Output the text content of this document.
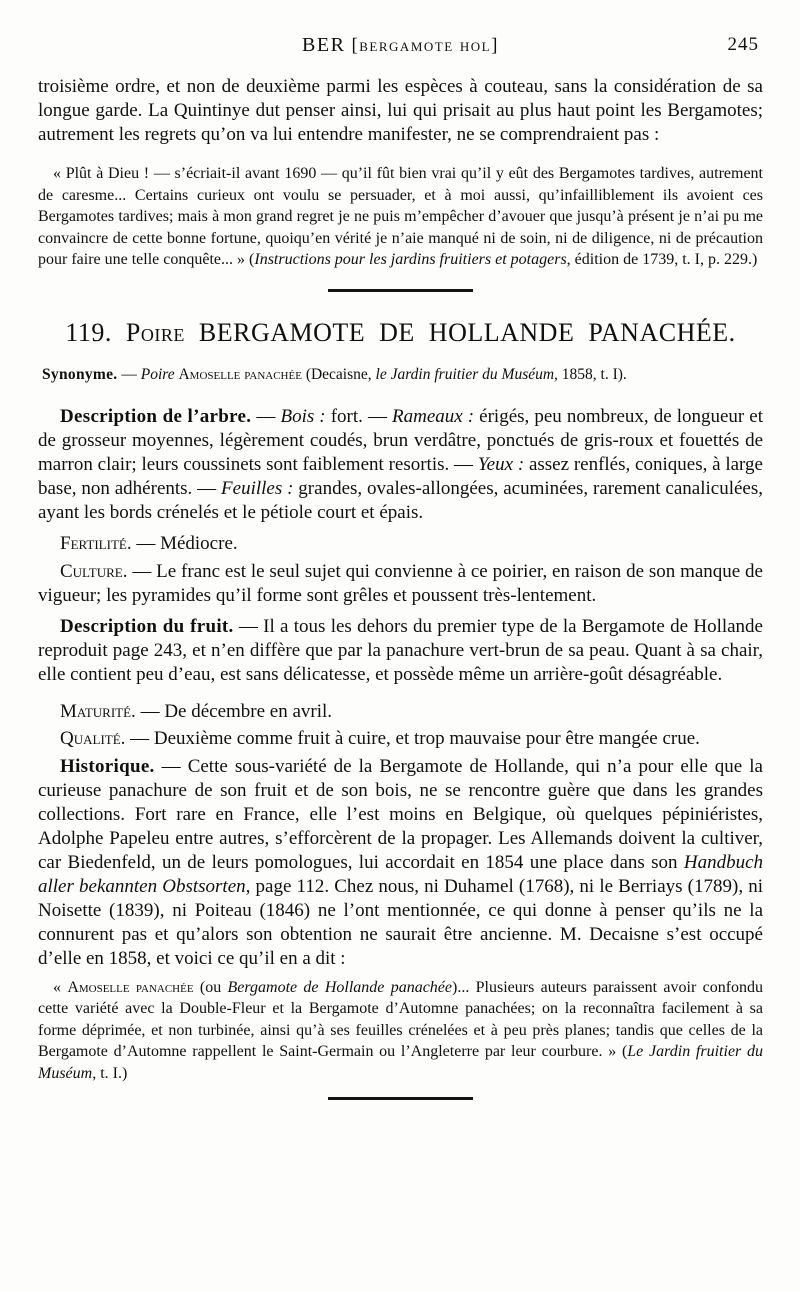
BER [bergamote hol]	245

troisième ordre, et non de deuxième parmi les espèces à couteau, sans la considération de sa longue garde. La Quintinye dut penser ainsi, lui qui prisait au plus haut point les Bergamotes; autrement les regrets qu’on va lui entendre manifester, ne se comprendraient pas :

« Plût à Dieu ! — s’écriait-il avant 1690 — qu’il fût bien vrai qu’il y eût des Bergamotes tardives, autrement de caresme... Certains curieux ont voulu se persuader, et à moi aussi, qu’infailliblement ils avoient ces Bergamotes tardives; mais à mon grand regret je ne puis m’empêcher d’avouer que jusqu’à présent je n’ai pu me convaincre de cette bonne fortune, quoiqu’en vérité je n’aie manqué ni de soin, ni de diligence, ni de précaution pour faire une telle conquête... » (Instructions pour les jardins fruitiers et potagers, édition de 1739, t. I, p. 229.)

119. Poire BERGAMOTE DE HOLLANDE PANACHÉE.

Synonyme. — Poire Amoselle panachée (Decaisne, le Jardin fruitier du Muséum, 1858, t. I).

Description de l’arbre. — Bois : fort. — Rameaux : érigés, peu nombreux, de longueur et de grosseur moyennes, légèrement coudés, brun verdâtre, ponctués de gris-roux et fouettés de marron clair; leurs coussinets sont faiblement resortis. — Yeux : assez renflés, coniques, à large base, non adhérents. — Feuilles : grandes, ovales-allongées, acuminées, rarement canaliculées, ayant les bords crénelés et le pétiole court et épais.

Fertilité. — Médiocre.

Culture. — Le franc est le seul sujet qui convienne à ce poirier, en raison de son manque de vigueur; les pyramides qu’il forme sont grêles et poussent très-lentement.

Description du fruit. — Il a tous les dehors du premier type de la Bergamote de Hollande reproduit page 243, et n’en diffère que par la panachure vert-brun de sa peau. Quant à sa chair, elle contient peu d’eau, est sans délicatesse, et possède même un arrière-goût désagréable.

Maturité. — De décembre en avril.

Qualité. — Deuxième comme fruit à cuire, et trop mauvaise pour être mangée crue.

Historique. — Cette sous-variété de la Bergamote de Hollande, qui n’a pour elle que la curieuse panachure de son fruit et de son bois, ne se rencontre guère que dans les grandes collections. Fort rare en France, elle l’est moins en Belgique, où quelques pépiniéristes, Adolphe Papeleu entre autres, s’efforcèrent de la propager. Les Allemands doivent la cultiver, car Biedenfeld, un de leurs pomologues, lui accordait en 1854 une place dans son Handbuch aller bekannten Obstsorten, page 112. Chez nous, ni Duhamel (1768), ni le Berriays (1789), ni Noisette (1839), ni Poiteau (1846) ne l’ont mentionnée, ce qui donne à penser qu’ils ne la connurent pas et qu’alors son obtention ne saurait être ancienne. M. Decaisne s’est occupé d’elle en 1858, et voici ce qu’il en a dit :

« Amoselle panachée (ou Bergamote de Hollande panachée)... Plusieurs auteurs paraissent avoir confondu cette variété avec la Double-Fleur et la Bergamote d’Automne panachées; on la reconnaîtra facilement à sa forme déprimée, et non turbinée, ainsi qu’à ses feuilles crénelées et à peu près planes; tandis que celles de la Bergamote d’Automne rappellent le Saint-Germain ou l’Angleterre par leur courbure. » (Le Jardin fruitier du Muséum, t. I.)
